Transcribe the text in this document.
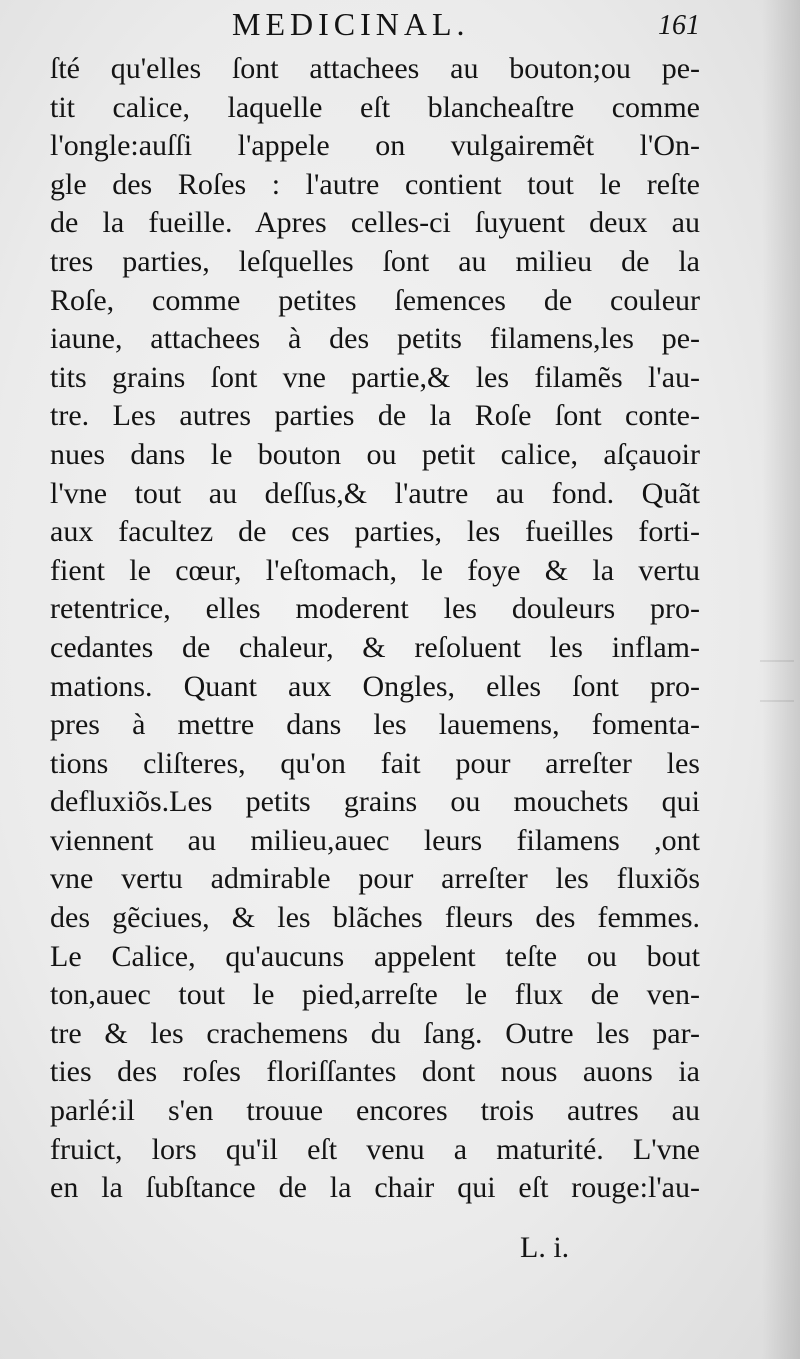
MEDICINAL.	161
ſté qu'elles ſont attachees au bouton;ou pe-
tit calice, laquelle eſt blancheaſtre comme
l'ongle:auſſi l'appele on vulgairemẽt l'On-
gle des Roſes : l'autre contient tout le reſte
de la fueille. Apres celles-ci ſuyuent deux au
tres parties, leſquelles ſont au milieu de la
Roſe, comme petites ſemences de couleur
iaune, attachees à des petits filamens,les pe-
tits grains ſont vne partie,& les filamẽs l'au-
tre. Les autres parties de la Roſe ſont conte-
nues dans le bouton ou petit calice, aſçauoir
l'vne tout au deſſus,& l'autre au fond. Quãt
aux facultez de ces parties, les fueilles forti-
fient le cœur, l'eſtomach, le foye & la vertu
retentrice, elles moderent les douleurs pro-
cedantes de chaleur, & reſoluent les inflam-
mations. Quant aux Ongles, elles ſont pro-
pres à mettre dans les lauemens, fomenta-
tions cliſteres, qu'on fait pour arreſter les
defluxiõs.Les petits grains ou mouchets qui
viennent au milieu,auec leurs filamens ,ont
vne vertu admirable pour arreſter les fluxiõs
des gẽciues, & les blãches fleurs des femmes.
Le Calice, qu'aucuns appelent teſte ou bout
ton,auec tout le pied,arreſte le flux de ven-
tre & les crachemens du ſang. Outre les par-
ties des roſes floriſſantes dont nous auons ia
parlé:il s'en trouue encores trois autres au
fruict, lors qu'il eſt venu a maturité. L'vne
en la ſubſtance de la chair qui eſt rouge:l'au-
L. i.
